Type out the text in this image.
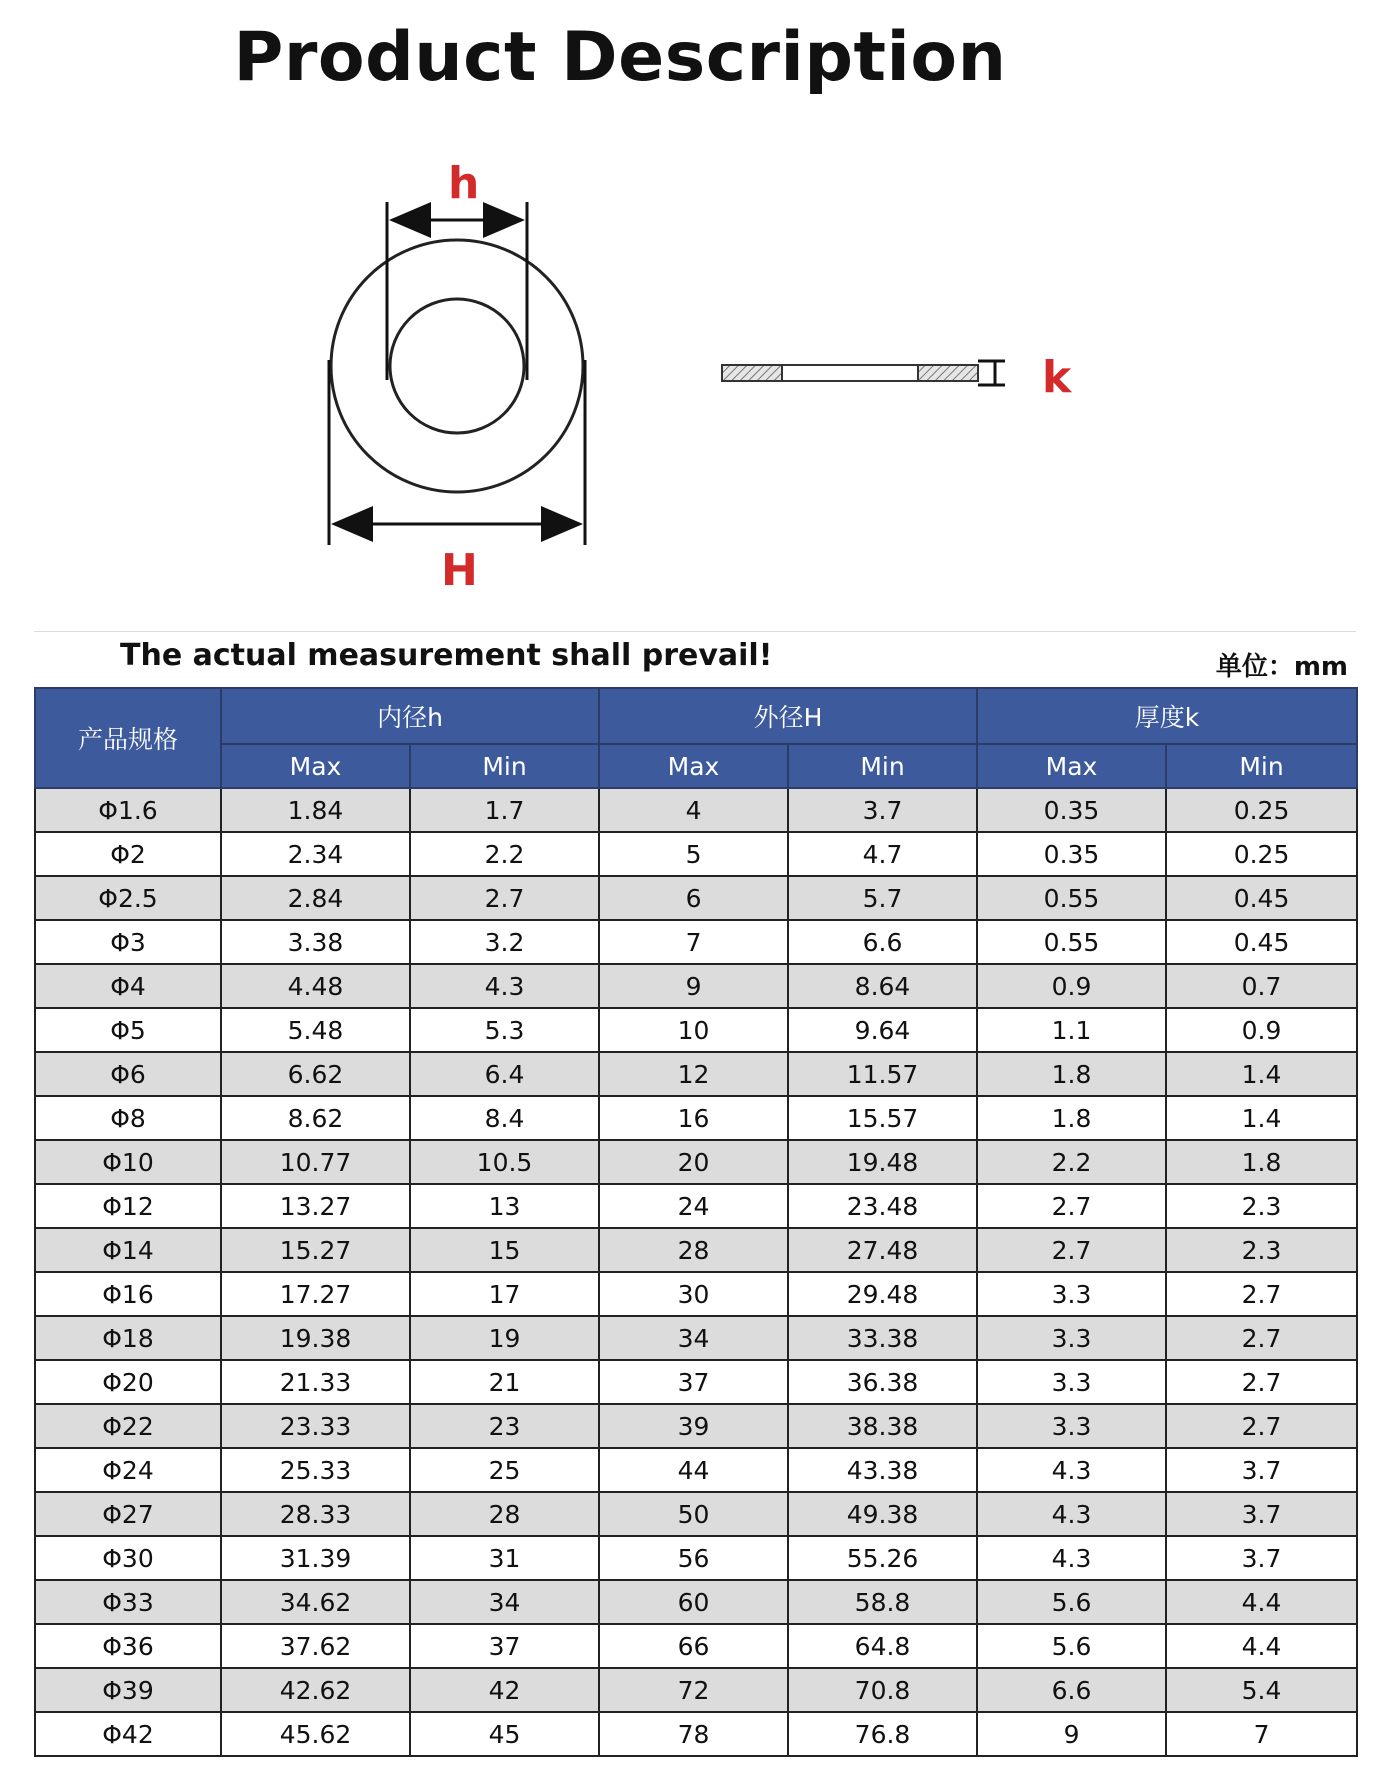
Product Description
h
H
k
The actual measurement shall prevail!	单位：mm
产品规格	内径h		外径H		厚度k	
	Max	Min	Max	Min	Max	Min
Φ1.6	1.84	1.7	4	3.7	0.35	0.25
Φ2	2.34	2.2	5	4.7	0.35	0.25
Φ2.5	2.84	2.7	6	5.7	0.55	0.45
Φ3	3.38	3.2	7	6.6	0.55	0.45
Φ4	4.48	4.3	9	8.64	0.9	0.7
Φ5	5.48	5.3	10	9.64	1.1	0.9
Φ6	6.62	6.4	12	11.57	1.8	1.4
Φ8	8.62	8.4	16	15.57	1.8	1.4
Φ10	10.77	10.5	20	19.48	2.2	1.8
Φ12	13.27	13	24	23.48	2.7	2.3
Φ14	15.27	15	28	27.48	2.7	2.3
Φ16	17.27	17	30	29.48	3.3	2.7
Φ18	19.38	19	34	33.38	3.3	2.7
Φ20	21.33	21	37	36.38	3.3	2.7
Φ22	23.33	23	39	38.38	3.3	2.7
Φ24	25.33	25	44	43.38	4.3	3.7
Φ27	28.33	28	50	49.38	4.3	3.7
Φ30	31.39	31	56	55.26	4.3	3.7
Φ33	34.62	34	60	58.8	5.6	4.4
Φ36	37.62	37	66	64.8	5.6	4.4
Φ39	42.62	42	72	70.8	6.6	5.4
Φ42	45.62	45	78	76.8	9	7
